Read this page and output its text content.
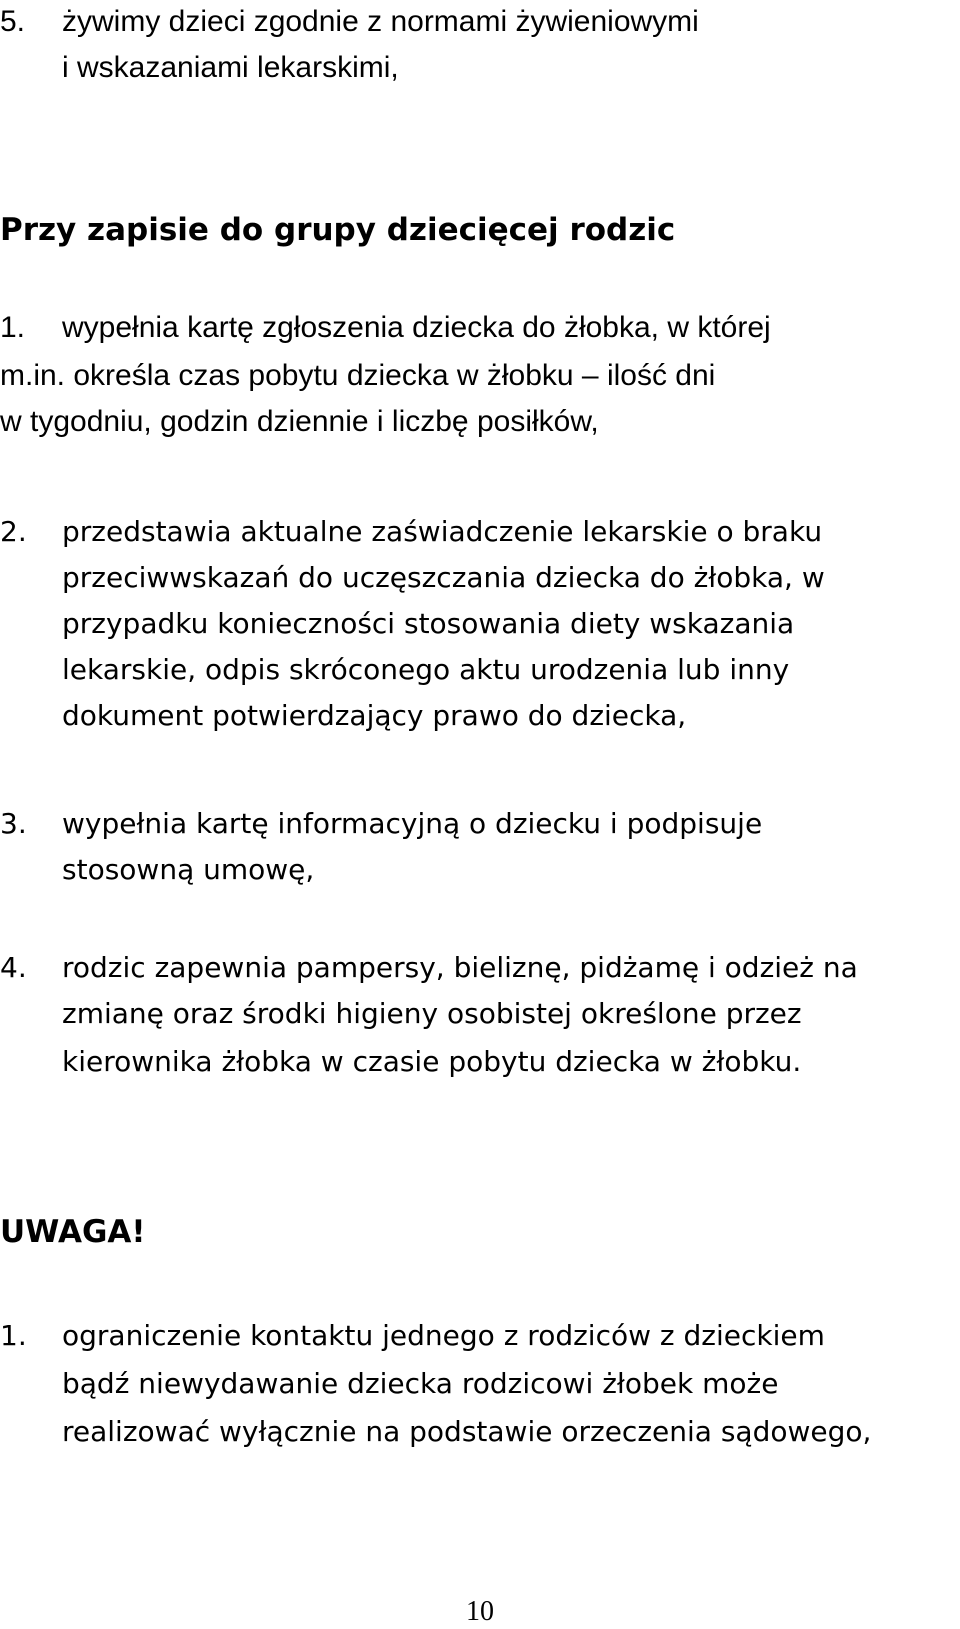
5. żywimy dzieci zgodnie z normami żywieniowymi
i wskazaniami lekarskimi,
Przy zapisie do grupy dziecięcej rodzic
1. wypełnia kartę zgłoszenia dziecka do żłobka, w której
m.in. określa czas pobytu dziecka w żłobku – ilość dni
w tygodniu, godzin dziennie i liczbę posiłków,
2. przedstawia aktualne zaświadczenie lekarskie o braku
przeciwwskazań do uczęszczania dziecka do żłobka, w
przypadku konieczności stosowania diety wskazania
lekarskie, odpis skróconego aktu urodzenia lub inny
dokument potwierdzający prawo do dziecka,
3. wypełnia kartę informacyjną o dziecku i podpisuje
stosowną umowę,
4. rodzic zapewnia pampersy, bieliznę, pidżamę i odzież na
zmianę oraz środki higieny osobistej określone przez
kierownika żłobka w czasie pobytu dziecka w żłobku.
UWAGA!
1. ograniczenie kontaktu jednego z rodziców z dzieckiem
bądź niewydawanie dziecka rodzicowi żłobek może
realizować wyłącznie na podstawie orzeczenia sądowego,
10
